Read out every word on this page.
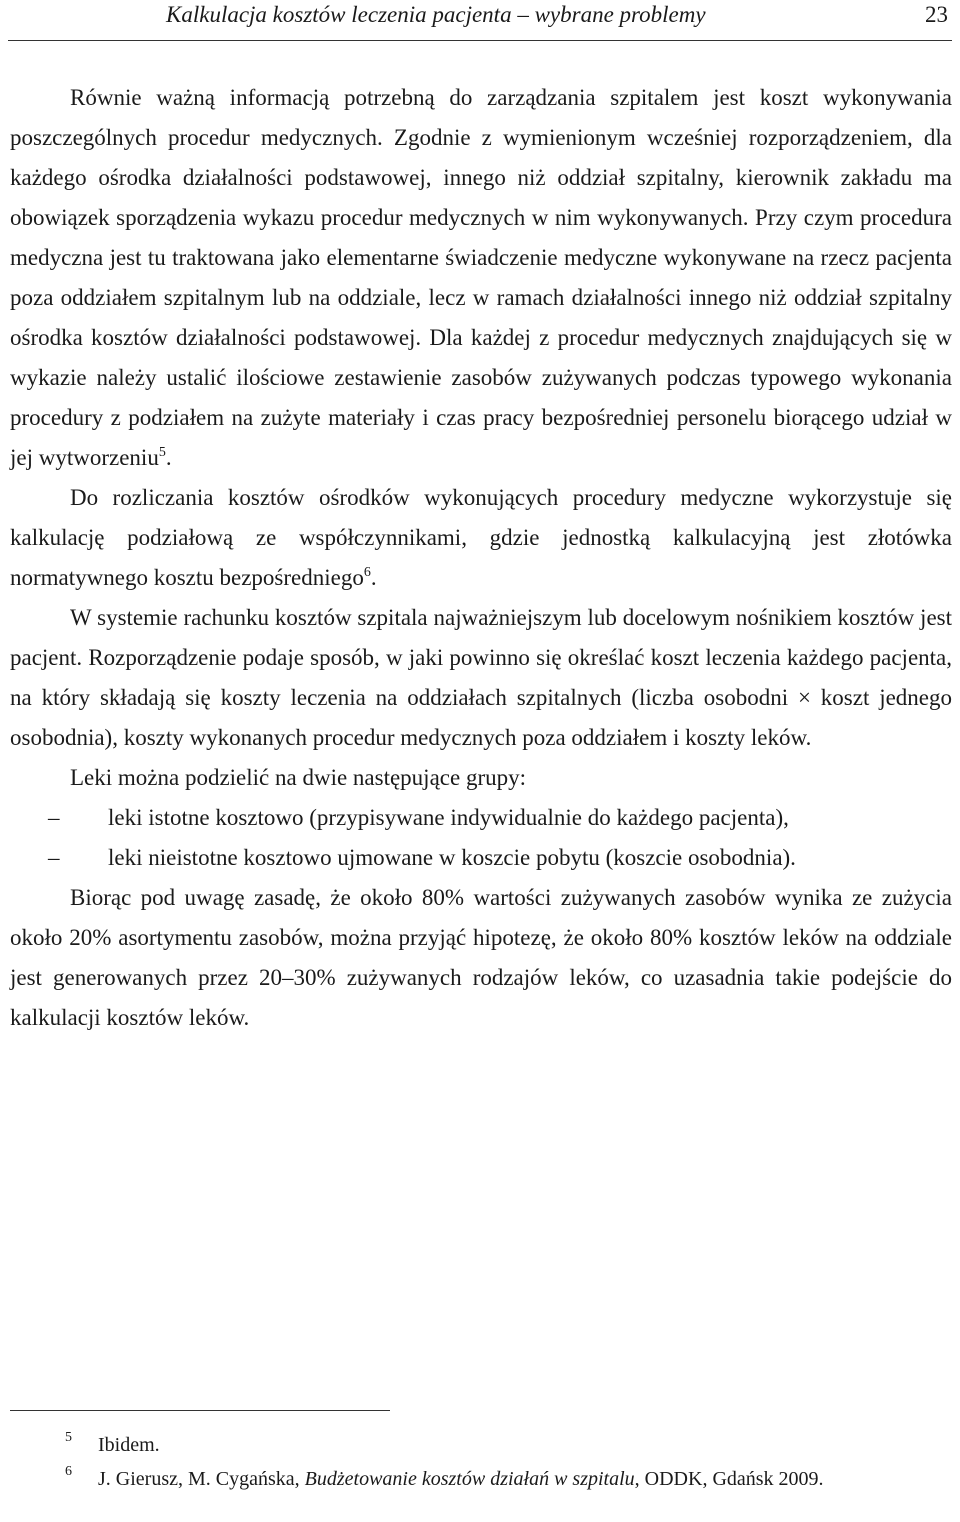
Kalkulacja kosztów leczenia pacjenta – wybrane problemy	23

Równie ważną informacją potrzebną do zarządzania szpitalem jest koszt wykonywania poszczególnych procedur medycznych. Zgodnie z wymienionym wcześniej rozporządzeniem, dla każdego ośrodka działalności podstawowej, innego niż oddział szpitalny, kierownik zakładu ma obowiązek sporządzenia wykazu procedur medycznych w nim wykonywanych. Przy czym procedura medyczna jest tu traktowana jako elementarne świadczenie medyczne wykonywane na rzecz pacjenta poza oddziałem szpitalnym lub na oddziale, lecz w ramach działalności innego niż oddział szpitalny ośrodka kosztów działalności podstawowej. Dla każdej z procedur medycznych znajdujących się w wykazie należy ustalić ilościowe zestawienie zasobów zużywanych podczas typowego wykonania procedury z podziałem na zużyte materiały i czas pracy bezpośredniej personelu biorącego udział w jej wytworzeniu$^5$.

Do rozliczania kosztów ośrodków wykonujących procedury medyczne wykorzystuje się kalkulację podziałową ze współczynnikami, gdzie jednostką kalkulacyjną jest złotówka normatywnego kosztu bezpośredniego$^6$.

W systemie rachunku kosztów szpitala najważniejszym lub docelowym nośnikiem kosztów jest pacjent. Rozporządzenie podaje sposób, w jaki powinno się określać koszt leczenia każdego pacjenta, na który składają się koszty leczenia na oddziałach szpitalnych (liczba osobodni × koszt jednego osobodnia), koszty wykonanych procedur medycznych poza oddziałem i koszty leków.

Leki można podzielić na dwie następujące grupy:

– leki istotne kosztowo (przypisywane indywidualnie do każdego pacjenta),
– leki nieistotne kosztowo ujmowane w koszcie pobytu (koszcie osobodnia).

Biorąc pod uwagę zasadę, że około 80% wartości zużywanych zasobów wynika ze zużycia około 20% asortymentu zasobów, można przyjąć hipotezę, że około 80% kosztów leków na oddziale jest generowanych przez 20–30% zużywanych rodzajów leków, co uzasadnia takie podejście do kalkulacji kosztów leków.

$^5$ Ibidem.

$^6$ J. Gierusz, M. Cygańska, Budżetowanie kosztów działań w szpitalu, ODDK, Gdańsk 2009.
